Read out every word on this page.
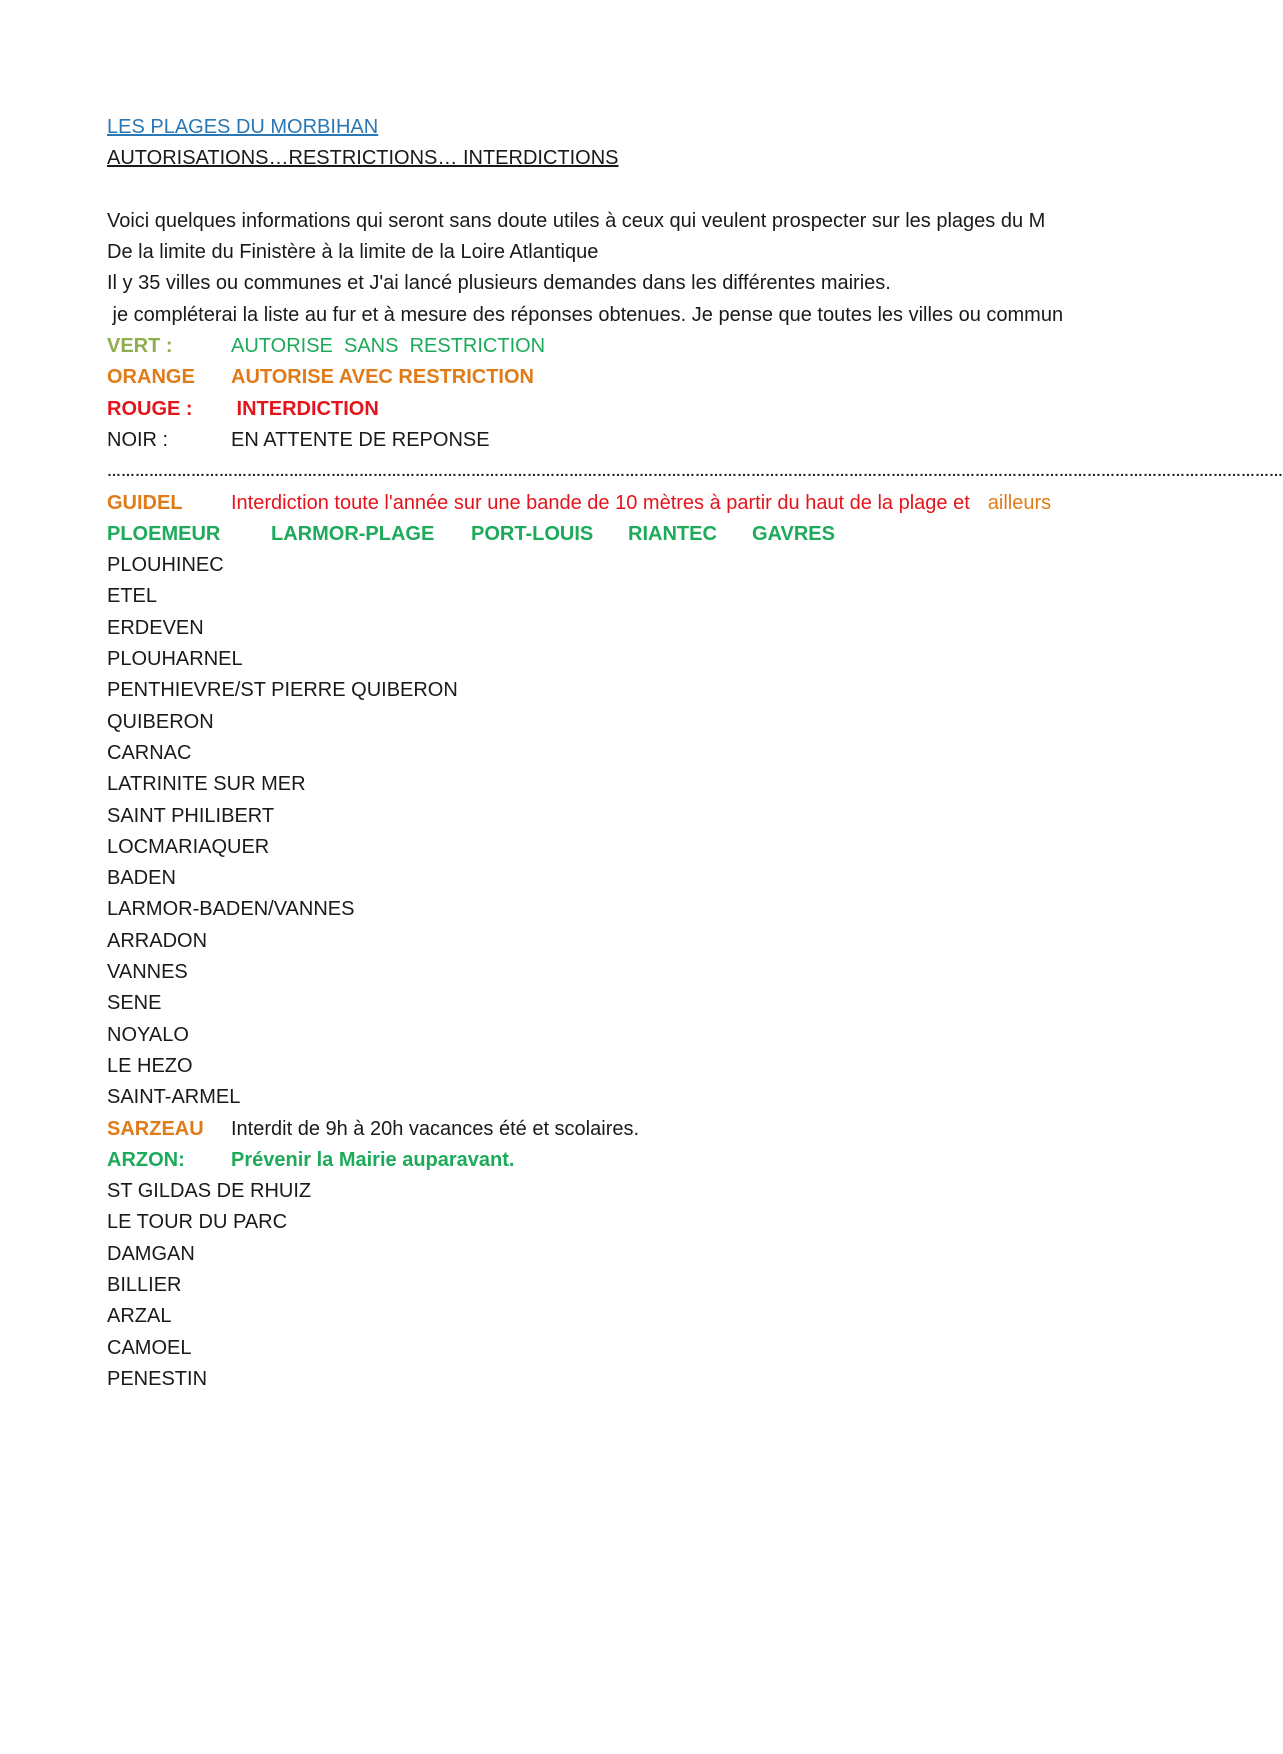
LES PLAGES DU MORBIHAN
AUTORISATIONS…RESTRICTIONS… INTERDICTIONS
Voici quelques informations qui seront sans doute utiles à ceux qui veulent prospecter sur les plages du M
De la limite du Finistère à la limite de la Loire Atlantique
Il y 35 villes ou communes et J'ai lancé plusieurs demandes dans les différentes mairies.
je compléterai la liste au fur et à mesure des réponses obtenues. Je pense que toutes les villes ou commun
VERT :	AUTORISE  SANS  RESTRICTION
ORANGE AUTORISE AVEC RESTRICTION
ROUGE : INTERDICTION
NOIR :	EN ATTENTE DE REPONSE
………………………………………………………………………………………………………………………………………………………………………………………………………………………………
GUIDEL Interdiction toute l'année sur une bande de 10 mètres à partir du haut de la plage et ailleurs
PLOEMEUR	LARMOR-PLAGE PORT-LOUIS RIANTEC GAVRES
PLOUHINEC
ETEL
ERDEVEN
PLOUHARNEL
PENTHIEVRE/ST PIERRE QUIBERON
QUIBERON
CARNAC
LATRINITE SUR MER
SAINT PHILIBERT
LOCMARIAQUER
BADEN
LARMOR-BADEN/VANNES
ARRADON
VANNES
SENE
NOYALO
LE HEZO
SAINT-ARMEL
SARZEAU Interdit de 9h à 20h vacances été et scolaires.
ARZON: Prévenir la Mairie auparavant.
ST GILDAS DE RHUIZ
LE TOUR DU PARC
DAMGAN
BILLIER
ARZAL
CAMOEL
PENESTIN
